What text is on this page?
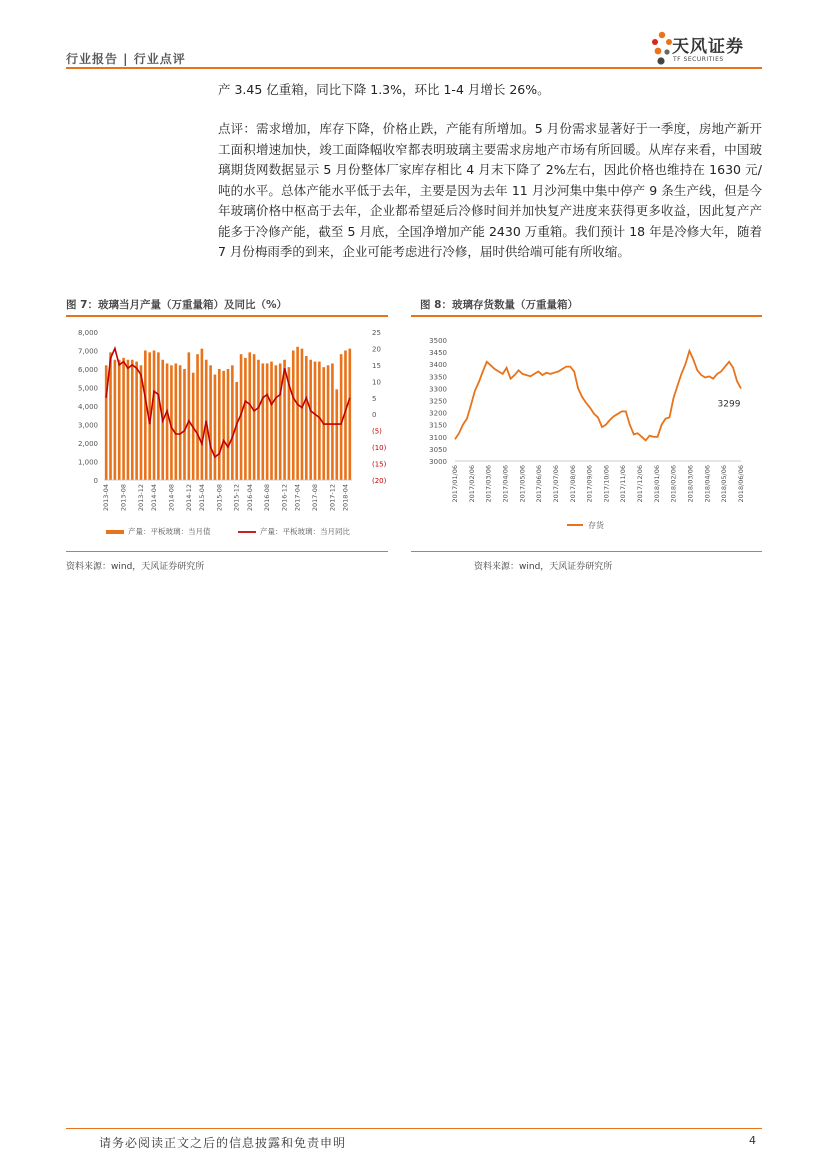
行业报告 | 行业点评
天风证券
TF SECURITIES
产 3.45 亿重箱，同比下降 1.3%，环比 1-4 月增长 26%。
点评：需求增加，库存下降，价格止跌，产能有所增加。5 月份需求显著好于一季度，房地产新开工面积增速加快，竣工面降幅收窄都表明玻璃主要需求房地产市场有所回暖。从库存来看，中国玻璃期货网数据显示 5 月份整体厂家库存相比 4 月末下降了 2%左右，因此价格也维持在 1630 元/吨的水平。总体产能水平低于去年，主要是因为去年 11 月沙河集中集中停产 9 条生产线，但是今年玻璃价格中枢高于去年，企业都希望延后冷修时间并加快复产进度来获得更多收益，因此复产产能多于冷修产能，截至 5 月底，全国净增加产能 2430 万重箱。我们预计 18 年是冷修大年，随着 7 月份梅雨季的到来，企业可能考虑进行冷修，届时供给端可能有所收缩。
图 7：玻璃当月产量（万重量箱）及同比（%）
8,000
7,000
6,000
5,000
4,000
3,000
2,000
1,000
0
25
20
15
10
5
0
(5)
(10)
(15)
(20)
2013-04 2013-08 2013-12 2014-04 2014-08 2014-12 2015-04 2015-08 2015-12 2016-04 2016-08 2016-12 2017-04 2017-08 2017-12 2018-04
产量：平板玻璃：当月值	产量：平板玻璃：当月同比
资料来源：wind，天风证券研究所
图 8：玻璃存货数量（万重量箱）
3500
3450
3400
3350
3300
3250
3200
3150
3100
3050
3000
3299
2017/01/06 2017/02/06 2017/03/06 2017/04/06 2017/05/06 2017/06/06 2017/07/06 2017/08/06 2017/09/06 2017/10/06 2017/11/06 2017/12/06 2018/01/06 2018/02/06 2018/03/06 2018/04/06 2018/05/06 2018/06/06
存货
资料来源：wind，天风证券研究所
请务必阅读正文之后的信息披露和免责申明	4
